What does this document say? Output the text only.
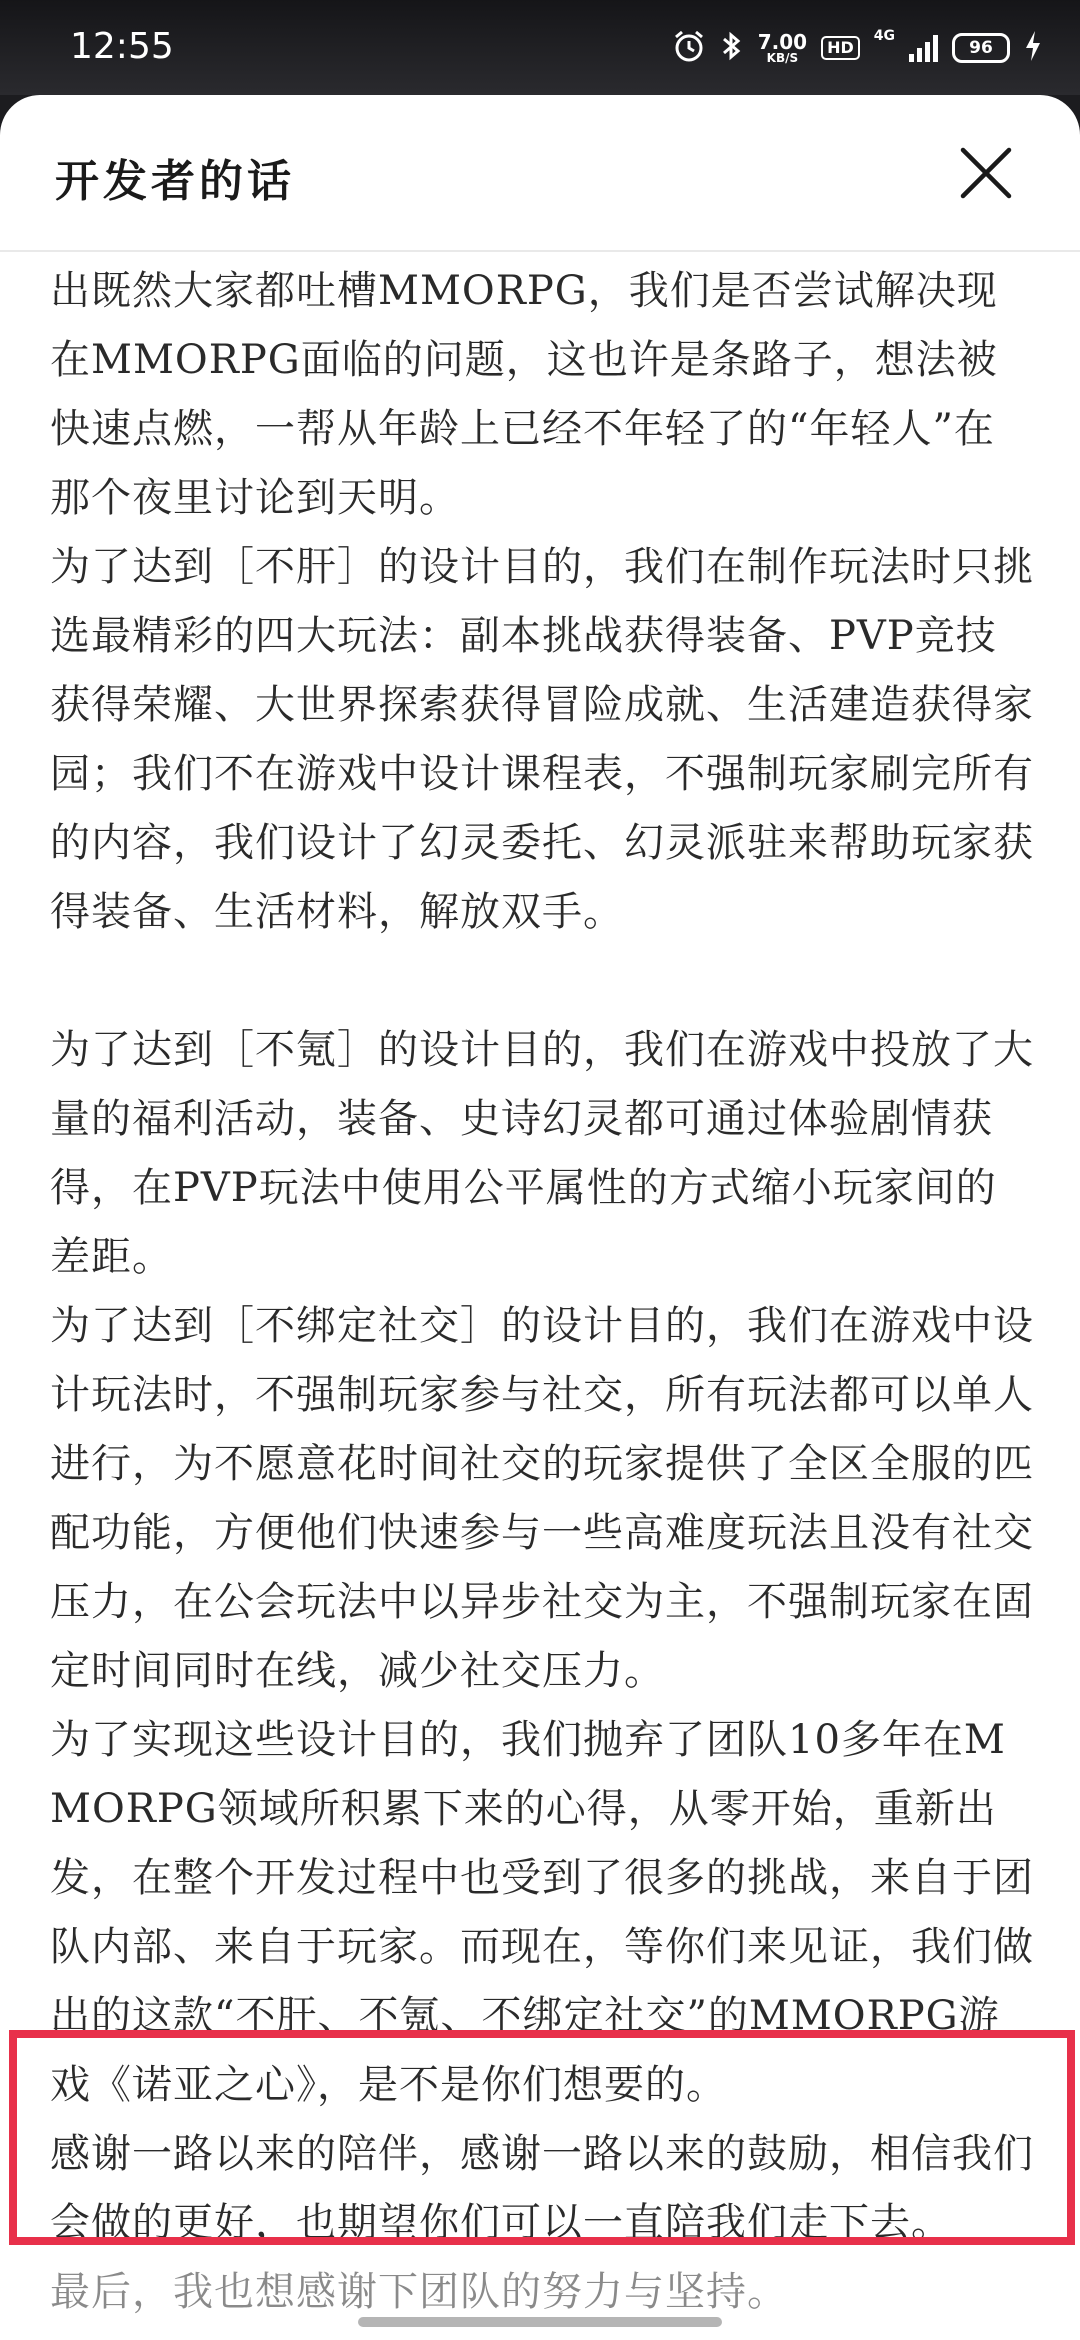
12:55	7.00
KB/S
HD
4G
96
开发者的话

出既然大家都吐槽MMORPG，我们是否尝试解决现在MMORPG面临的问题，这也许是条路子，想法被快速点燃，一帮从年龄上已经不年轻了的“年轻人”在那个夜里讨论到天明。

为了达到［不肝］的设计目的，我们在制作玩法时只挑选最精彩的四大玩法：副本挑战获得装备、PVP竞技获得荣耀、大世界探索获得冒险成就、生活建造获得家园；我们不在游戏中设计课程表，不强制玩家刷完所有的内容，我们设计了幻灵委托、幻灵派驻来帮助玩家获得装备、生活材料，解放双手。

为了达到［不氪］的设计目的，我们在游戏中投放了大量的福利活动，装备、史诗幻灵都可通过体验剧情获得，在PVP玩法中使用公平属性的方式缩小玩家间的差距。

为了达到［不绑定社交］的设计目的，我们在游戏中设计玩法时，不强制玩家参与社交，所有玩法都可以单人进行，为不愿意花时间社交的玩家提供了全区全服的匹配功能，方便他们快速参与一些高难度玩法且没有社交压力，在公会玩法中以异步社交为主，不强制玩家在固定时间同时在线，减少社交压力。

为了实现这些设计目的，我们抛弃了团队10多年在MMORPG领域所积累下来的心得，从零开始，重新出发，在整个开发过程中也受到了很多的挑战，来自于团队内部、来自于玩家。而现在，等你们来见证，我们做出的这款“不肝、不氪、不绑定社交”的MMORPG游戏《诺亚之心》，是不是你们想要的。

感谢一路以来的陪伴，感谢一路以来的鼓励，相信我们会做的更好，也期望你们可以一直陪我们走下去。

最后，我也想感谢下团队的努力与坚持。
